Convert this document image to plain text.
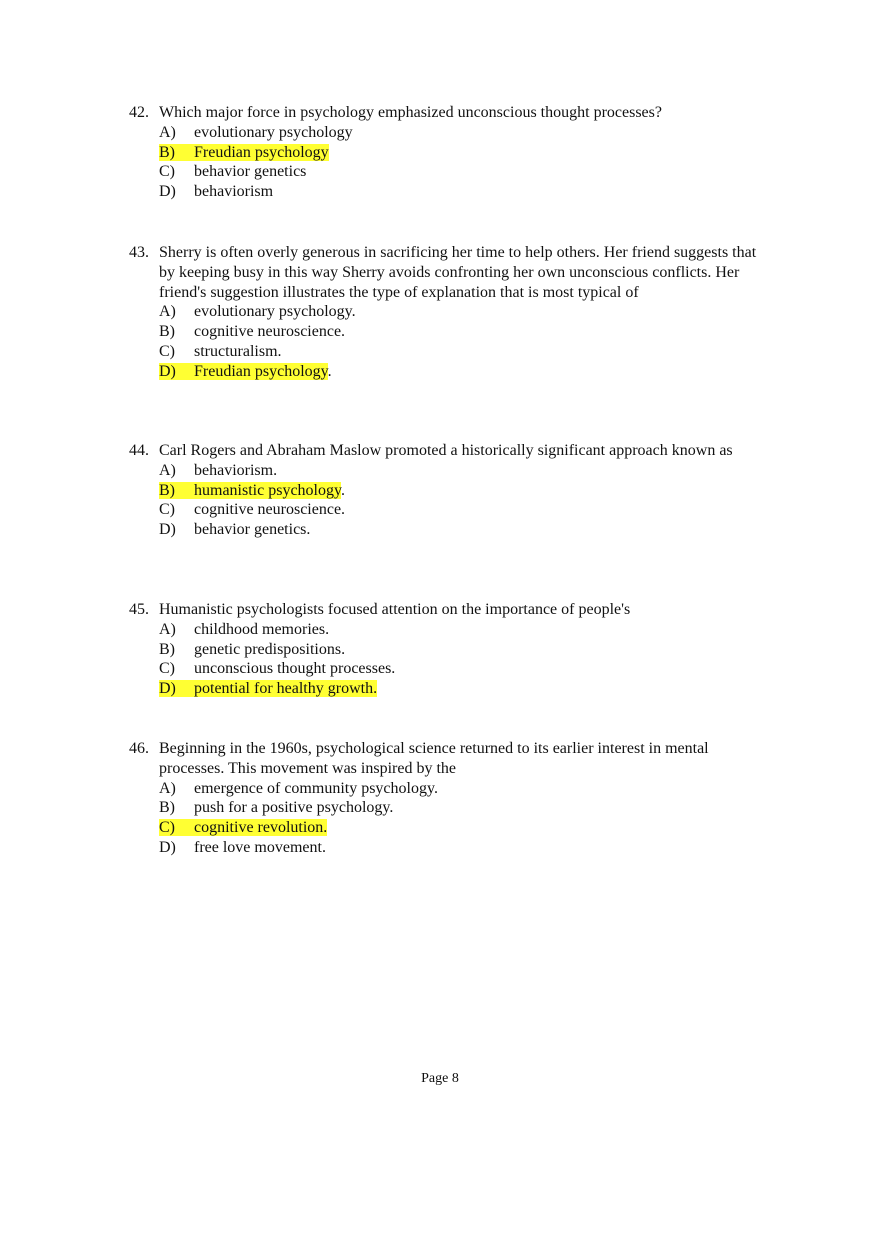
42. Which major force in psychology emphasized unconscious thought processes?
A) evolutionary psychology
B) Freudian psychology
C) behavior genetics
D) behaviorism
43. Sherry is often overly generous in sacrificing her time to help others. Her friend suggests that by keeping busy in this way Sherry avoids confronting her own unconscious conflicts. Her friend's suggestion illustrates the type of explanation that is most typical of
A) evolutionary psychology.
B) cognitive neuroscience.
C) structuralism.
D) Freudian psychology.
44. Carl Rogers and Abraham Maslow promoted a historically significant approach known as
A) behaviorism.
B) humanistic psychology.
C) cognitive neuroscience.
D) behavior genetics.
45. Humanistic psychologists focused attention on the importance of people's
A) childhood memories.
B) genetic predispositions.
C) unconscious thought processes.
D) potential for healthy growth.
46. Beginning in the 1960s, psychological science returned to its earlier interest in mental processes. This movement was inspired by the
A) emergence of community psychology.
B) push for a positive psychology.
C) cognitive revolution.
D) free love movement.
Page 8
